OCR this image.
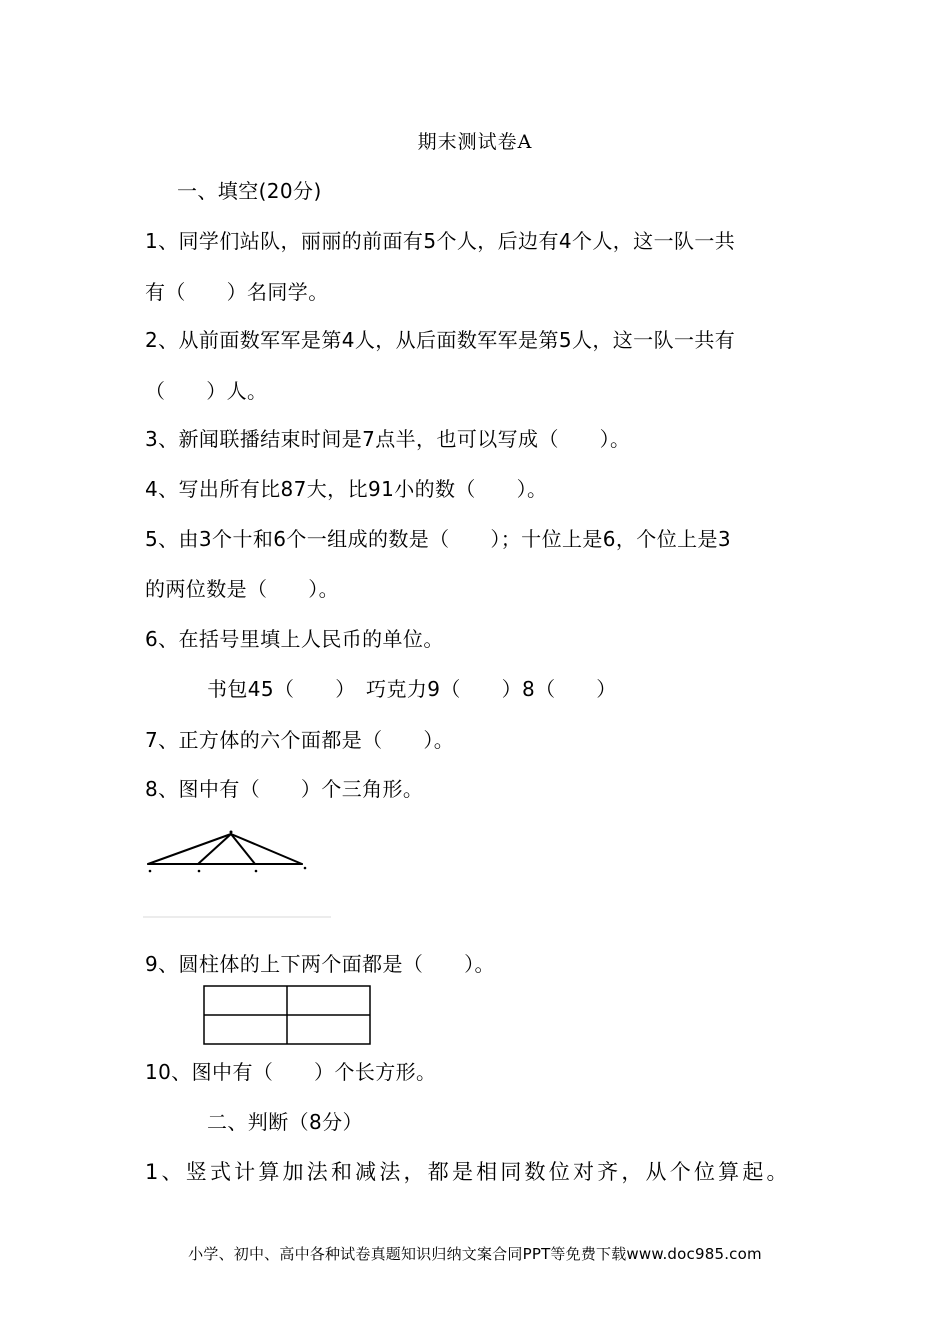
期末测试卷A
一、填空(20分)
1、同学们站队，丽丽的前面有5个人，后边有4个人，这一队一共
有（　　）名同学。
2、从前面数军军是第4人，从后面数军军是第5人，这一队一共有
（　　）人。
3、新闻联播结束时间是7点半，也可以写成（　　）。
4、写出所有比87大，比91小的数（　　）。
5、由3个十和6个一组成的数是（　　）；十位上是6，个位上是3
的两位数是（　　）。
6、在括号里填上人民币的单位。
书包45（　　）　巧克力9（　　）8（　　）
7、正方体的六个面都是（　　）。
8、图中有（　　）个三角形。
9、圆柱体的上下两个面都是（　　）。
10、图中有（　　）个长方形。
二、判断（8分）
1、竖式计算加法和减法，都是相同数位对齐，从个位算起。
小学、初中、高中各种试卷真题知识归纳文案合同PPT等免费下载www.doc985.com
